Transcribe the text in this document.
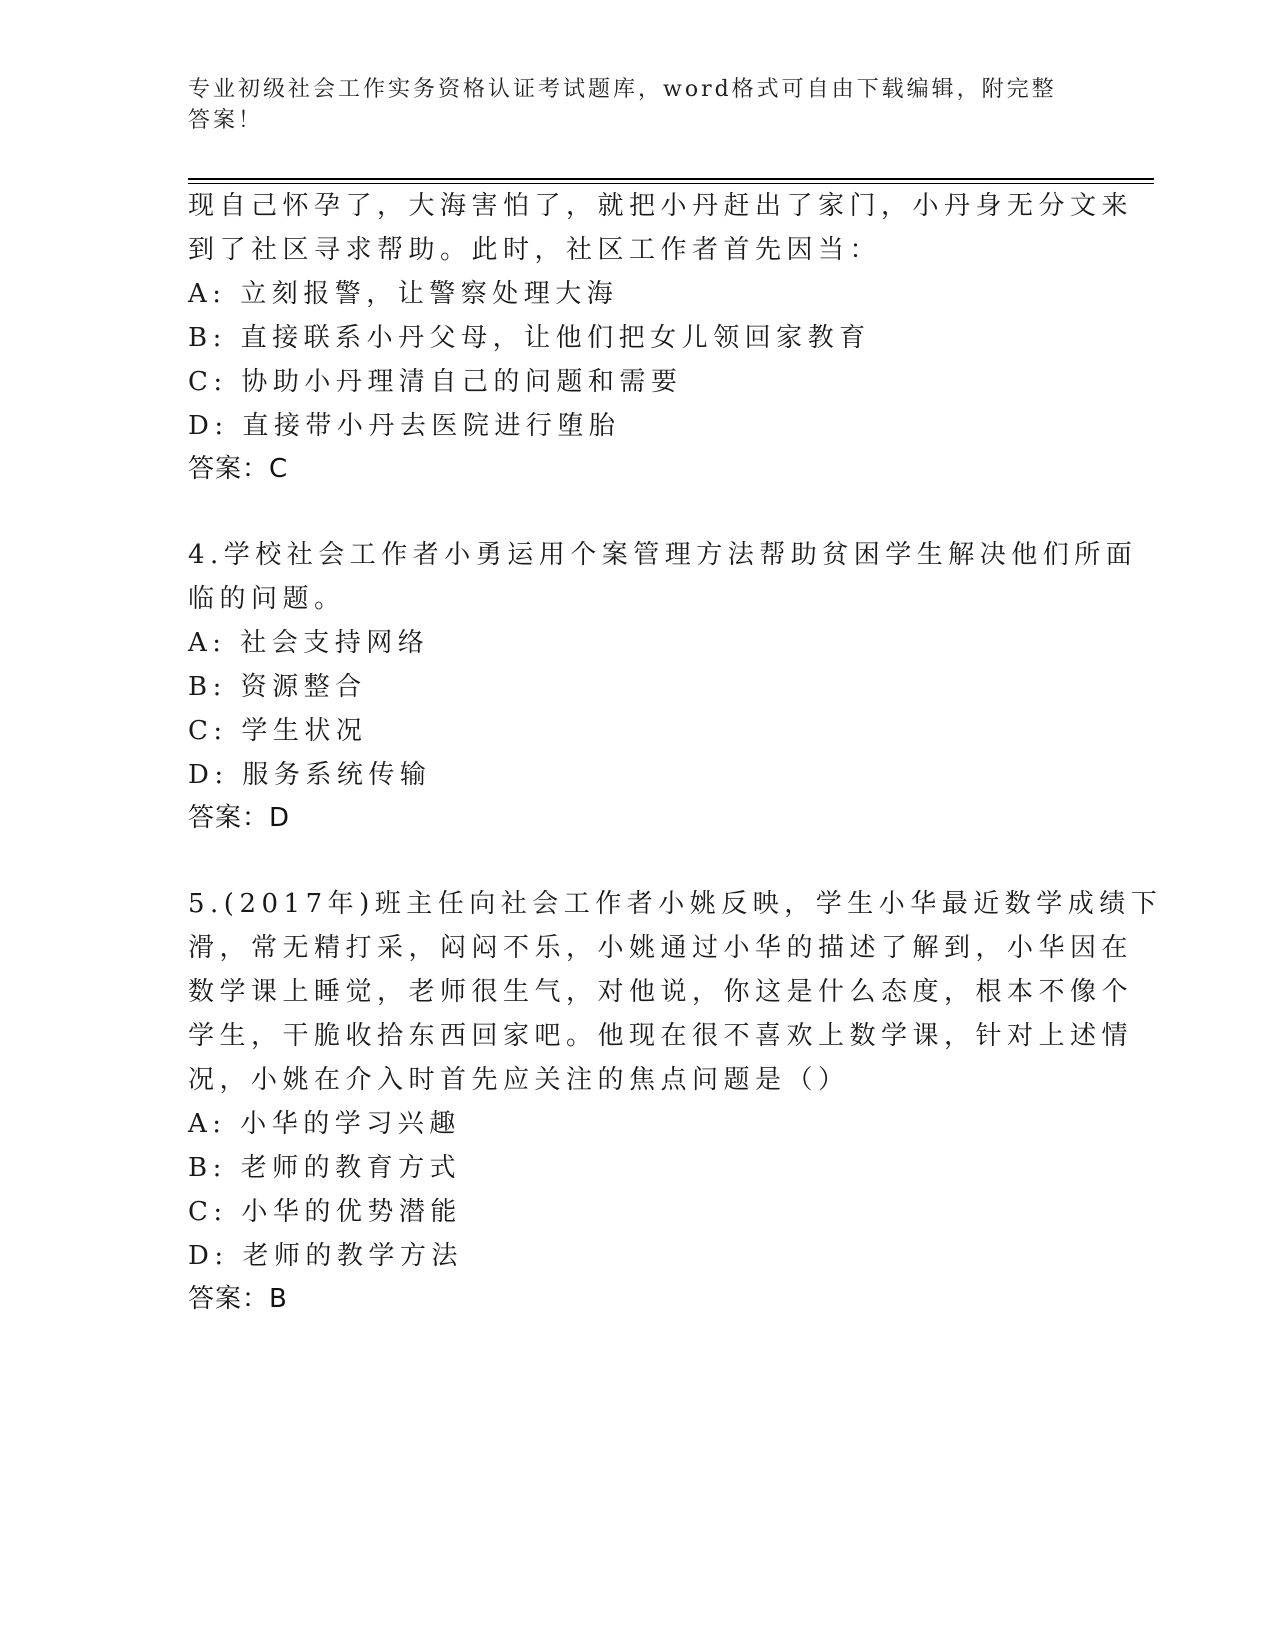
专业初级社会工作实务资格认证考试题库，word格式可自由下载编辑，附完整答案！
现自己怀孕了，大海害怕了，就把小丹赶出了家门，小丹身无分文来
到了社区寻求帮助。此时，社区工作者首先因当：
A: 立刻报警，让警察处理大海
B: 直接联系小丹父母，让他们把女儿领回家教育
C: 协助小丹理清自己的问题和需要
D: 直接带小丹去医院进行堕胎
答案：C
4.学校社会工作者小勇运用个案管理方法帮助贫困学生解决他们所面
临的问题。
A: 社会支持网络
B: 资源整合
C: 学生状况
D: 服务系统传输
答案：D
5.(2017年)班主任向社会工作者小姚反映，学生小华最近数学成绩下
滑，常无精打采，闷闷不乐，小姚通过小华的描述了解到，小华因在
数学课上睡觉，老师很生气，对他说，你这是什么态度，根本不像个
学生，干脆收拾东西回家吧。他现在很不喜欢上数学课，针对上述情
况，小姚在介入时首先应关注的焦点问题是（）
A: 小华的学习兴趣
B: 老师的教育方式
C: 小华的优势潜能
D: 老师的教学方法
答案：B
